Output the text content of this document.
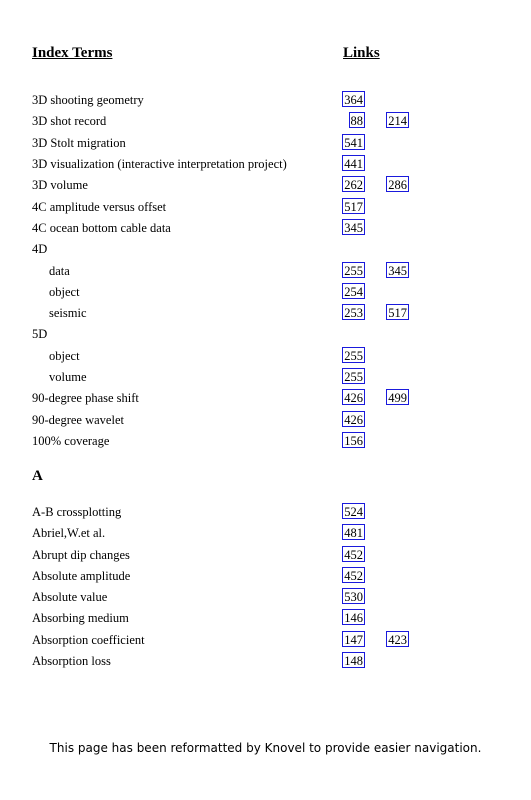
Index Terms	Links
3D shooting geometry	364
3D shot record	88 214
3D Stolt migration	541
3D visualization (interactive interpretation project)	441
3D volume	262 286
4C amplitude versus offset	517
4C ocean bottom cable data	345
4D
data	255 345
object	254
seismic	253 517
5D
object	255
volume	255
90-degree phase shift	426 499
90-degree wavelet	426
100% coverage	156
A-B crossplotting	524
Abriel,W.et al.	481
Abrupt dip changes	452
Absolute amplitude	452
Absolute value	530
Absorbing medium	146
Absorption coefficient	147 423
Absorption loss	148
A
This page has been reformatted by Knovel to provide easier navigation.
